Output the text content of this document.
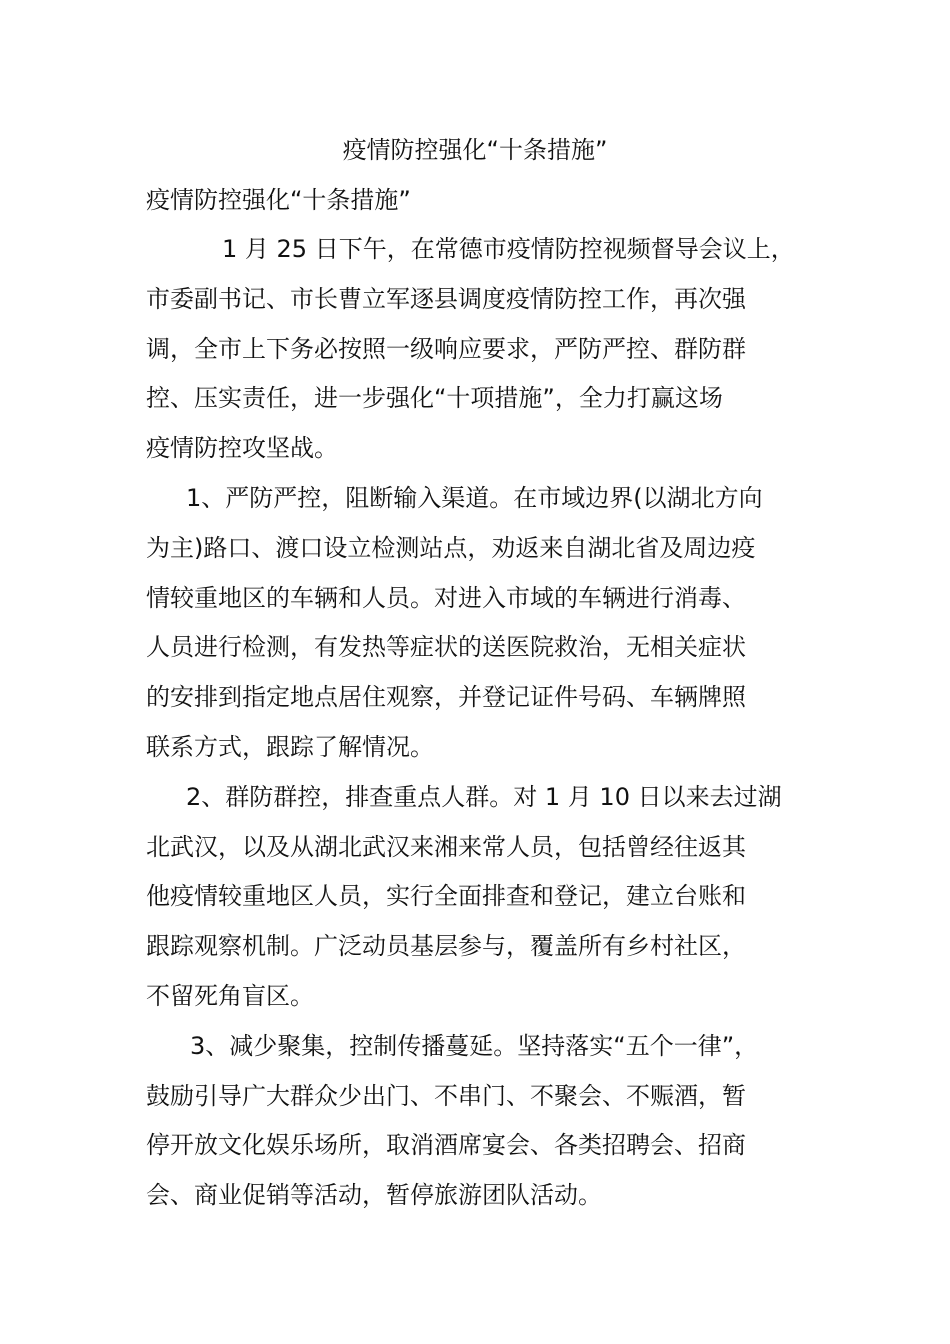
疫情防控强化“十条措施”
疫情防控强化“十条措施”
1 月 25 日下午，在常德市疫情防控视频督导会议上，
市委副书记、市长曹立军逐县调度疫情防控工作，再次强
调，全市上下务必按照一级响应要求，严防严控、群防群
控、压实责任，进一步强化“十项措施”，全力打赢这场
疫情防控攻坚战。
1、严防严控，阻断输入渠道。在市域边界(以湖北方向
为主)路口、渡口设立检测站点，劝返来自湖北省及周边疫
情较重地区的车辆和人员。对进入市域的车辆进行消毒、
人员进行检测，有发热等症状的送医院救治，无相关症状
的安排到指定地点居住观察，并登记证件号码、车辆牌照
联系方式，跟踪了解情况。
2、群防群控，排查重点人群。对 1 月 10 日以来去过湖
北武汉，以及从湖北武汉来湘来常人员，包括曾经往返其
他疫情较重地区人员，实行全面排查和登记，建立台账和
跟踪观察机制。广泛动员基层参与，覆盖所有乡村社区，
不留死角盲区。
3、减少聚集，控制传播蔓延。坚持落实“五个一律”，
鼓励引导广大群众少出门、不串门、不聚会、不赈酒，暂
停开放文化娱乐场所，取消酒席宴会、各类招聘会、招商
会、商业促销等活动，暂停旅游团队活动。
